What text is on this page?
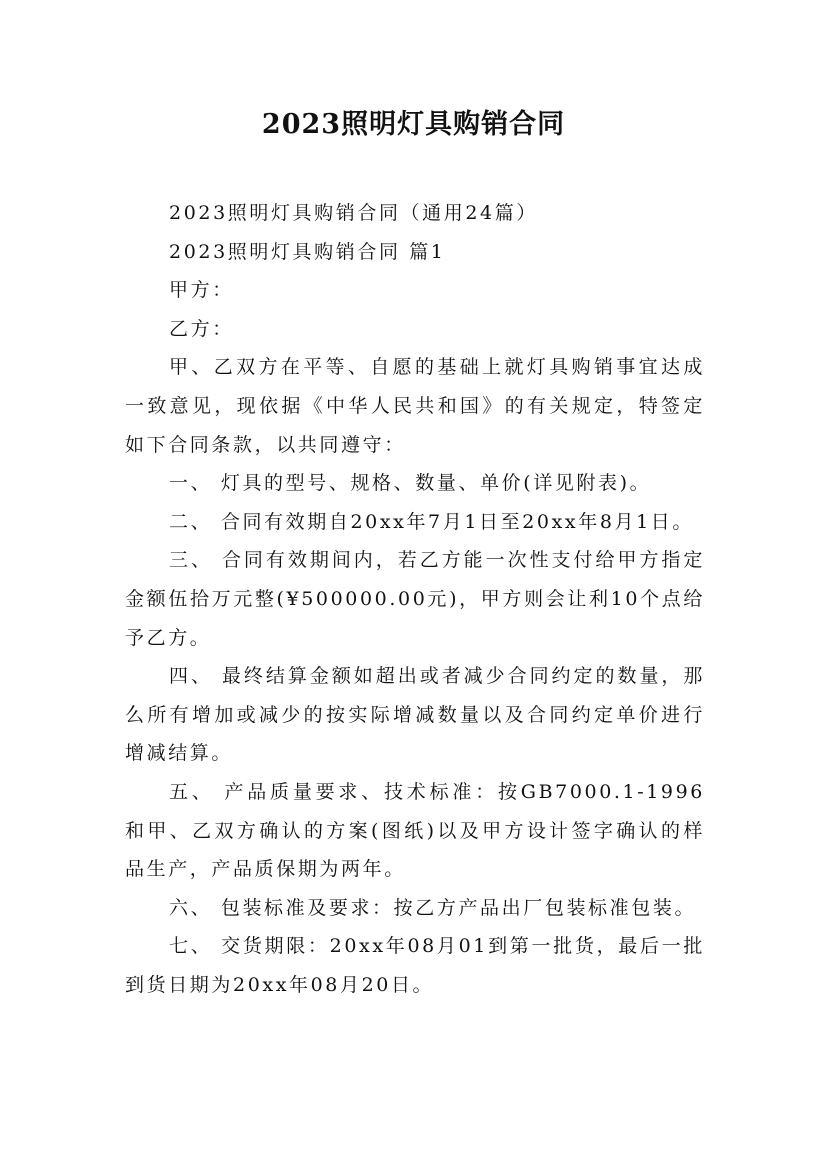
2023照明灯具购销合同

2023照明灯具购销合同（通用24篇）

2023照明灯具购销合同 篇1

甲方：

乙方：

甲、乙双方在平等、自愿的基础上就灯具购销事宜达成一致意见，现依据《中华人民共和国》的有关规定，特签定如下合同条款，以共同遵守：

一、 灯具的型号、规格、数量、单价(详见附表)。

二、 合同有效期自20xx年7月1日至20xx年8月1日。

三、 合同有效期间内，若乙方能一次性支付给甲方指定金额伍拾万元整(¥500000.00元)，甲方则会让利10个点给予乙方。

四、 最终结算金额如超出或者减少合同约定的数量，那么所有增加或减少的按实际增减数量以及合同约定单价进行增减结算。

五、 产品质量要求、技术标准：按GB7000.1-1996和甲、乙双方确认的方案(图纸)以及甲方设计签字确认的样品生产，产品质保期为两年。

六、 包装标准及要求：按乙方产品出厂包装标准包装。

七、 交货期限：20xx年08月01到第一批货，最后一批到货日期为20xx年08月20日。
